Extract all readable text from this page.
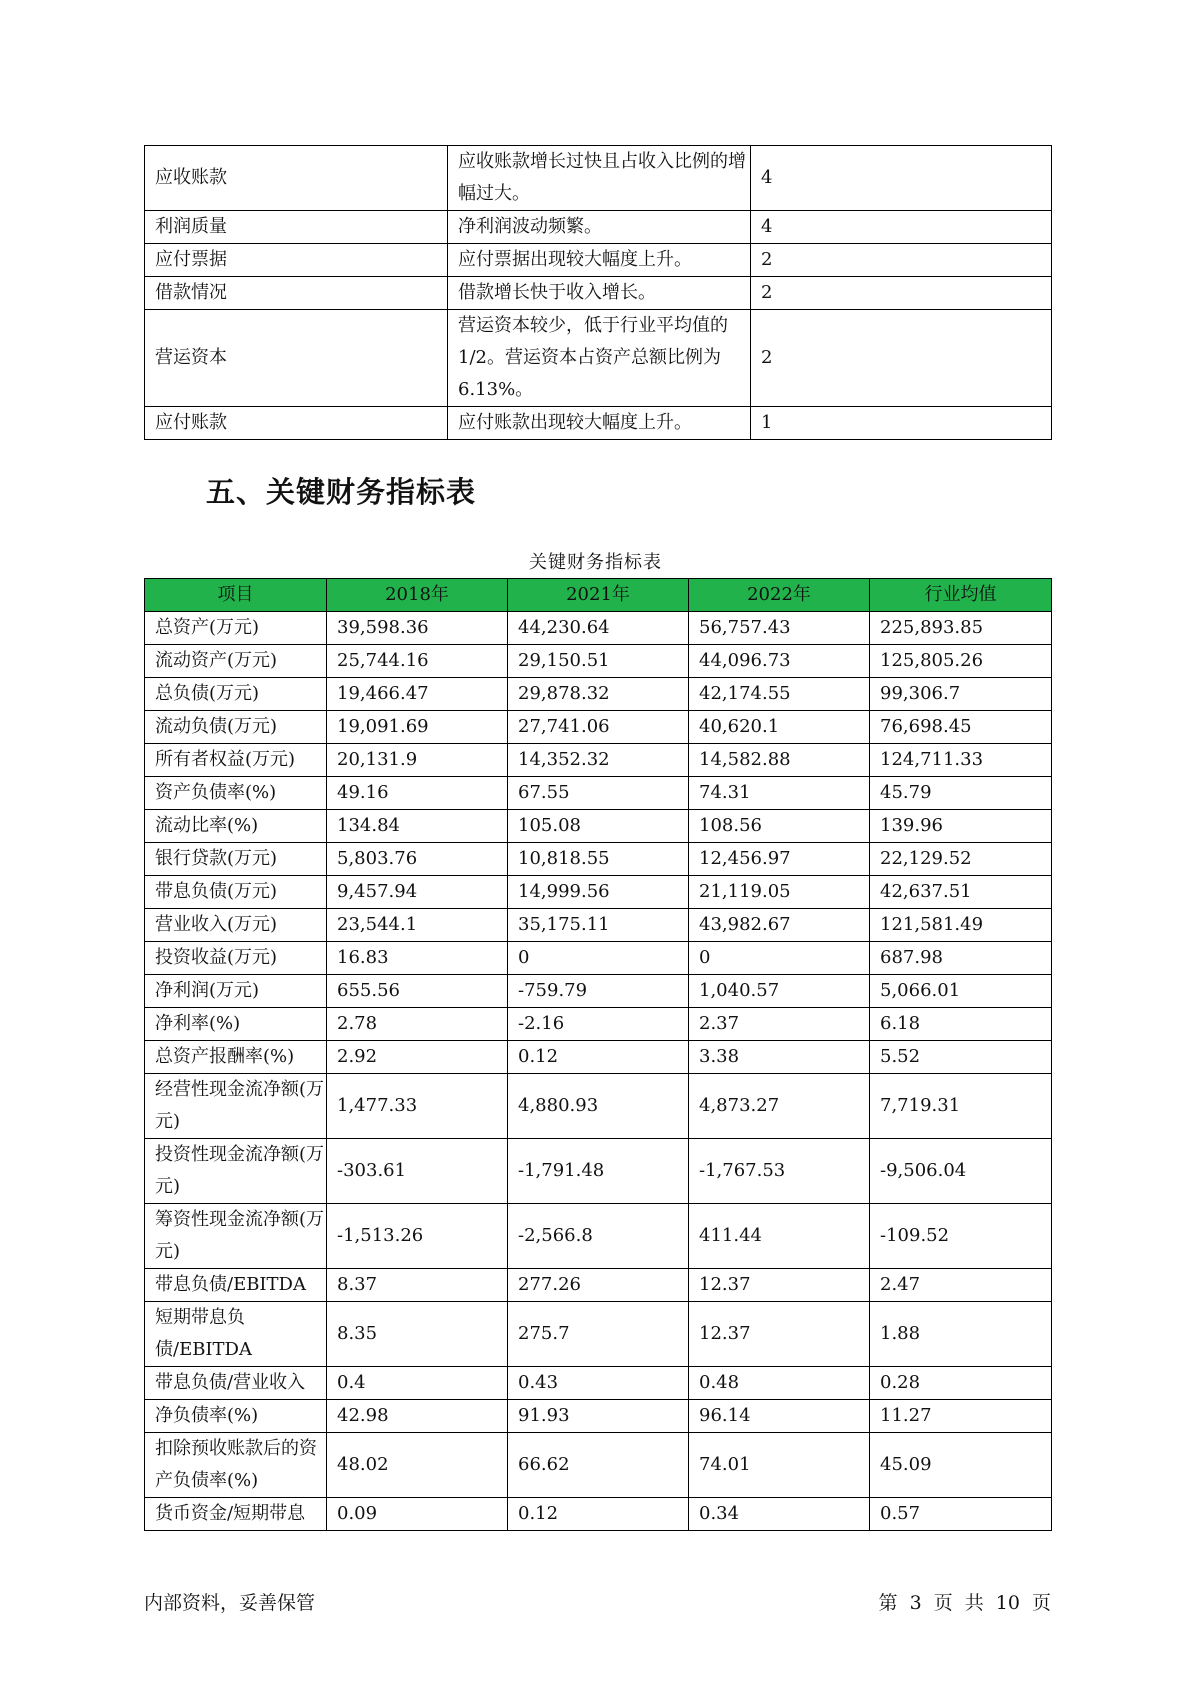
应收账款	应收账款增长过快且占收入比例的增幅过大。	4
利润质量	净利润波动频繁。	4
应付票据	应付票据出现较大幅度上升。	2
借款情况	借款增长快于收入增长。	2
营运资本	营运资本较少，低于行业平均值的1/2。营运资本占资产总额比例为6.13%。	2
应付账款	应付账款出现较大幅度上升。	1
五、关键财务指标表
关键财务指标表
项目	2018年	2021年	2022年	行业均值
总资产(万元)	39,598.36	44,230.64	56,757.43	225,893.85
流动资产(万元)	25,744.16	29,150.51	44,096.73	125,805.26
总负债(万元)	19,466.47	29,878.32	42,174.55	99,306.7
流动负债(万元)	19,091.69	27,741.06	40,620.1	76,698.45
所有者权益(万元)	20,131.9	14,352.32	14,582.88	124,711.33
资产负债率(%)	49.16	67.55	74.31	45.79
流动比率(%)	134.84	105.08	108.56	139.96
银行贷款(万元)	5,803.76	10,818.55	12,456.97	22,129.52
带息负债(万元)	9,457.94	14,999.56	21,119.05	42,637.51
营业收入(万元)	23,544.1	35,175.11	43,982.67	121,581.49
投资收益(万元)	16.83	0	0	687.98
净利润(万元)	655.56	-759.79	1,040.57	5,066.01
净利率(%)	2.78	-2.16	2.37	6.18
总资产报酬率(%)	2.92	0.12	3.38	5.52
经营性现金流净额(万元)	1,477.33	4,880.93	4,873.27	7,719.31
投资性现金流净额(万元)	-303.61	-1,791.48	-1,767.53	-9,506.04
筹资性现金流净额(万元)	-1,513.26	-2,566.8	411.44	-109.52
带息负债/EBITDA	8.37	277.26	12.37	2.47
短期带息负债/EBITDA	8.35	275.7	12.37	1.88
带息负债/营业收入	0.4	0.43	0.48	0.28
净负债率(%)	42.98	91.93	96.14	11.27
扣除预收账款后的资产负债率(%)	48.02	66.62	74.01	45.09
货币资金/短期带息	0.09	0.12	0.34	0.57
内部资料，妥善保管	第 3 页 共 10 页
